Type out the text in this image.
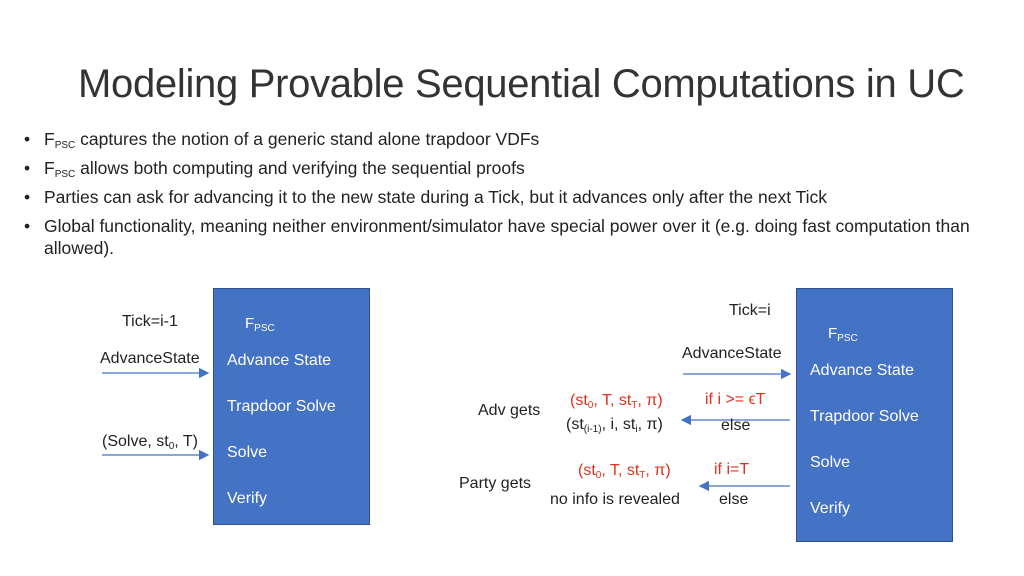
Modeling Provable Sequential Computations in UC
• $F_{PSC}$ captures the notion of a generic stand alone trapdoor VDFs
• $F_{PSC}$ allows both computing and verifying the sequential proofs
• Parties can ask for advancing it to the new state during a Tick, but it advances only after the next Tick
• Global functionality, meaning neither environment/simulator have special power over it (e.g. doing fast computation than allowed).
Tick=i-1
AdvanceState
(Solve, $st_0$, T)
$F_{PSC}$
Advance State
Trapdoor Solve
Solve
Verify
Tick=i
AdvanceState
$F_{PSC}$
Advance State
Trapdoor Solve
Solve
Verify
Adv gets
Party gets
($st_0$, T, $st_T$, π)
($st_{(i-1)}$, i, $st_i$, π)
if i >= ϵT
else
($st_0$, T, $st_T$, π)
no info is revealed
if i=T
else
